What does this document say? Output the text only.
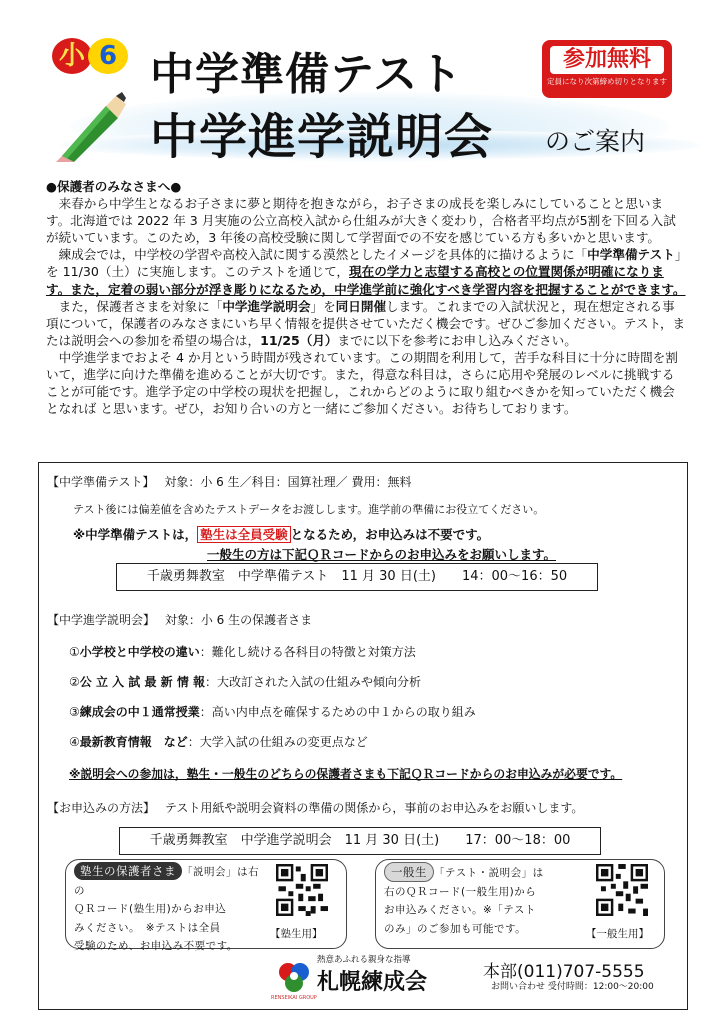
小 6 中学準備テスト
中学進学説明会 のご案内
参加無料
定員になり次第締め切りとなります

●保護者のみなさまへ●

来春から中学生となるお子さまに夢と期待を抱きながら，お子さまの成長を楽しみにしていることと思います。北海道では 2022 年 3 月実施の公立高校入試から仕組みが大きく変わり，合格者平均点が5割を下回る入試が続いています。このため，3 年後の高校受験に関して学習面での不安を感じている方も多いかと思います。

練成会では，中学校の学習や高校入試に関する漠然としたイメージを具体的に描けるように「中学準備テスト」を 11/30（土）に実施します。このテストを通じて，現在の学力と志望する高校との位置関係が明確になります。また，定着の弱い部分が浮き彫りになるため，中学進学前に強化すべき学習内容を把握することができます。

また，保護者さまを対象に「中学進学説明会」を同日開催します。これまでの入試状況と，現在想定される事項について，保護者のみなさまにいち早く情報を提供させていただく機会です。ぜひご参加ください。テスト，または説明会への参加を希望の場合は，11/25（月）までに以下を参考にお申し込みください。

中学進学までおよそ 4 か月という時間が残されています。この期間を利用して，苦手な科目に十分に時間を割いて，進学に向けた準備を進めることが大切です。また，得意な科目は，さらに応用や発展のレベルに挑戦することが可能です。進学予定の中学校の現状を把握し，これからどのように取り組むべきかを知っていただく機会となれば と思います。ぜひ，お知り合いの方と一緒にご参加ください。お待ちしております。

【中学準備テスト】 対象：小 6 生／科目：国算社理／ 費用：無料
テスト後には偏差値を含めたテストデータをお渡しします。進学前の準備にお役立てください。
※中学準備テストは， 塾生は全員受験 となるため，お申込みは不要です。
一般生の方は下記ＱＲコードからのお申込みをお願いします。
千歳勇舞教室　中学準備テスト　11 月 30 日(土)　　14：00〜16：50
【中学進学説明会】 対象：小 6 生の保護者さま
①小学校と中学校の違い：難化し続ける各科目の特徴と対策方法
②公 立 入 試 最 新 情 報：大改訂された入試の仕組みや傾向分析
③練成会の中１通常授業：高い内申点を確保するための中１からの取り組み
④最新教育情報　など：大学入試の仕組みの変更点など
※説明会への参加は，塾生・一般生のどちらの保護者さまも下記ＱＲコードからのお申込みが必要です。
【お申込みの方法】 テスト用紙や説明会資料の準備の関係から，事前のお申込みをお願いします。
千歳勇舞教室　中学進学説明会　11 月 30 日(土)　　17：00〜18：00
塾生の保護者さま 「説明会」は右の
ＱＲコード(塾生用)からお申込
みください。　※テストは全員
受験のため、お申込み不要です。
【塾生用】
一般生 「テスト・説明会」は
右のＱＲコード(一般生用)から
お申込みください。※「テスト
のみ」のご参加も可能です。	【一般生用】
熱意あふれる親身な指導
札幌練成会
RENSEIKAI GROUP
本部(011)707-5555
お問い合わせ 受付時間：12:00〜20:00
